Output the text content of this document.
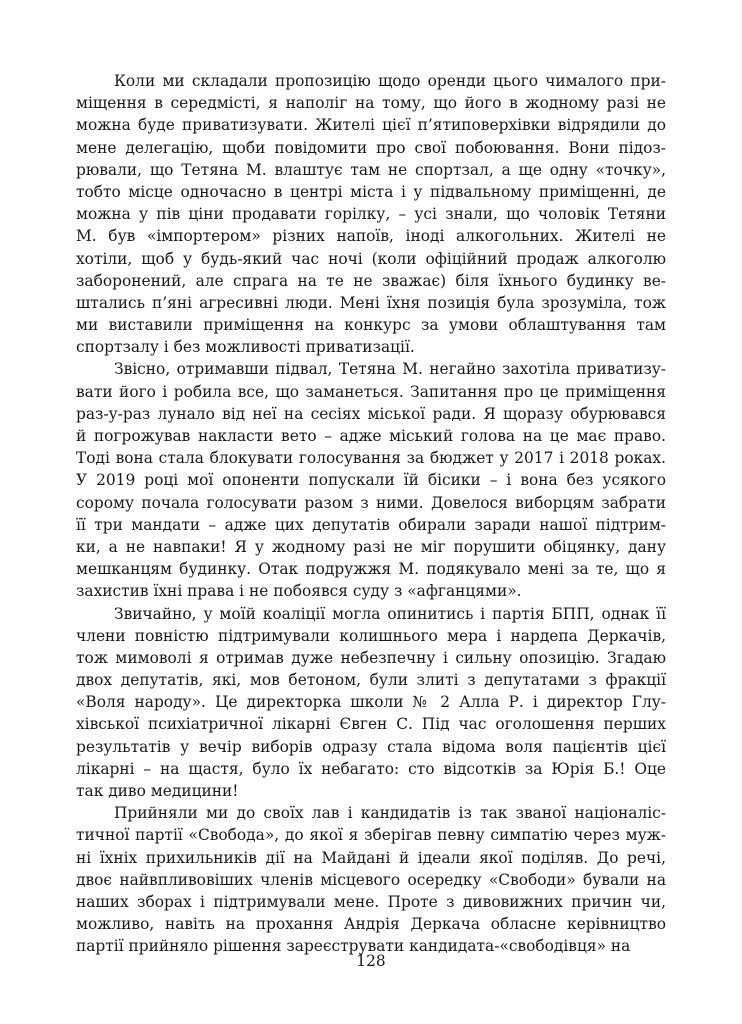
Коли ми складали пропозицію щодо оренди цього чималого при-
міщення в середмісті, я наполіг на тому, що його в жодному разі не
можна буде приватизувати. Жителі цієї п’ятиповерхівки відрядили до
мене делегацію, щоби повідомити про свої побоювання. Вони підоз-
рювали, що Тетяна М. влаштує там не спортзал, а ще одну «точку»,
тобто місце одночасно в центрі міста і у підвальному приміщенні, де
можна у пів ціни продавати горілку, – усі знали, що чоловік Тетяни
М. був «імпортером» різних напоїв, іноді алкогольних. Жителі не
хотіли, щоб у будь-який час ночі (коли офіційний продаж алкоголю
заборонений, але спрага на те не зважає) біля їхнього будинку ве-
штались п’яні агресивні люди. Мені їхня позиція була зрозуміла, тож
ми виставили приміщення на конкурс за умови облаштування там
спортзалу і без можливості приватизації.
Звісно, отримавши підвал, Тетяна М. негайно захотіла приватизу-
вати його і робила все, що заманеться. Запитання про це приміщення
раз-у-раз лунало від неї на сесіях міської ради. Я щоразу обурювався
й погрожував накласти вето – адже міський голова на це має право.
Тоді вона стала блокувати голосування за бюджет у 2017 і 2018 роках.
У 2019 році мої опоненти попускали їй бісики – і вона без усякого
сорому почала голосувати разом з ними. Довелося виборцям забрати
її три мандати – адже цих депутатів обирали заради нашої підтрим-
ки, а не навпаки! Я у жодному разі не міг порушити обіцянку, дану
мешканцям будинку. Отак подружжя М. подякувало мені за те, що я
захистив їхні права і не побоявся суду з «афганцями».
Звичайно, у моїй коаліції могла опинитись і партія БПП, однак її
члени повністю підтримували колишнього мера і нардепа Деркачів,
тож мимоволі я отримав дуже небезпечну і сильну опозицію. Згадаю
двох депутатів, які, мов бетоном, були злиті з депутатами з фракції
«Воля народу». Це директорка школи № 2 Алла Р. і директор Глу-
хівської психіатричної лікарні Євген С. Під час оголошення перших
результатів у вечір виборів одразу стала відома воля пацієнтів цієї
лікарні – на щастя, було їх небагато: сто відсотків за Юрія Б.! Оце
так диво медицини!
Прийняли ми до своїх лав і кандидатів із так званої націоналіс-
тичної партії «Свобода», до якої я зберігав певну симпатію через муж-
ні їхніх прихильників дії на Майдані й ідеали якої поділяв. До речі,
двоє найвпливовіших членів місцевого осередку «Свободи» бували на
наших зборах і підтримували мене. Проте з дивовижних причин чи,
можливо, навіть на прохання Андрія Деркача обласне керівництво
партії прийняло рішення зареєструвати кандидата-«свободівця» на
128
